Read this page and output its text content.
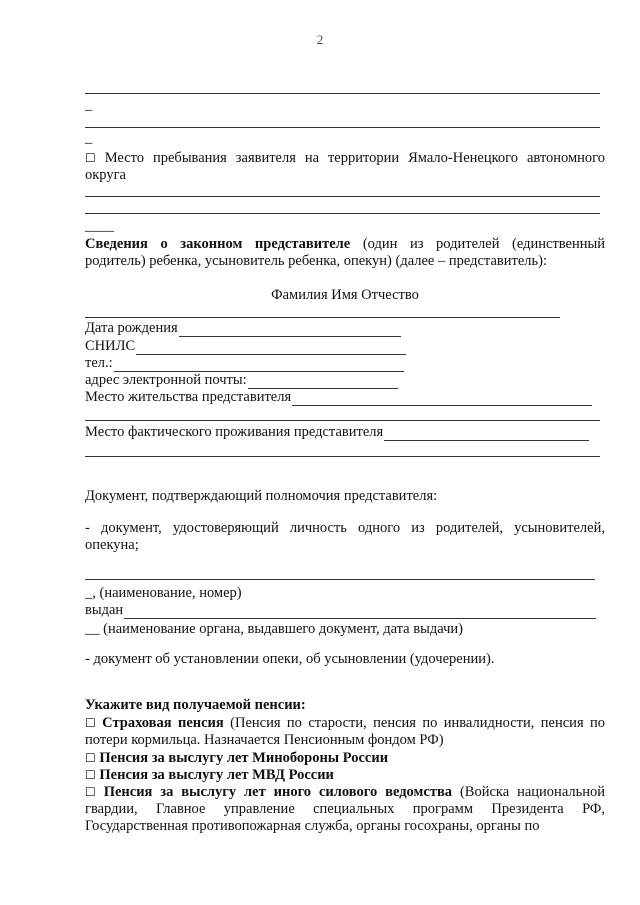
2
_
_
☐ Место пребывания заявителя на территории Ямало-Ненецкого автономного округа
____
Сведения о законном представителе (один из родителей (единственный родитель) ребенка, усыновитель ребенка, опекун) (далее – представитель):
Фамилия Имя Отчество
Дата рождения
СНИЛС
тел.:
адрес электронной почты:
Место жительства представителя
Место фактического проживания представителя
Документ, подтверждающий полномочия представителя:
- документ, удостоверяющий личность одного из родителей, усыновителей, опекуна;
_, (наименование, номер)
выдан
__ (наименование органа, выдавшего документ, дата выдачи)
- документ об установлении опеки, об усыновлении (удочерении).
Укажите вид получаемой пенсии:
☐ Страховая пенсия (Пенсия по старости, пенсия по инвалидности, пенсия по потери кормильца. Назначается Пенсионным фондом РФ)
☐ Пенсия за выслугу лет Минобороны России
☐ Пенсия за выслугу лет МВД России
☐ Пенсия за выслугу лет иного силового ведомства (Войска национальной гвардии, Главное управление специальных программ Президента РФ, Государственная противопожарная служба, органы госохраны, органы по
